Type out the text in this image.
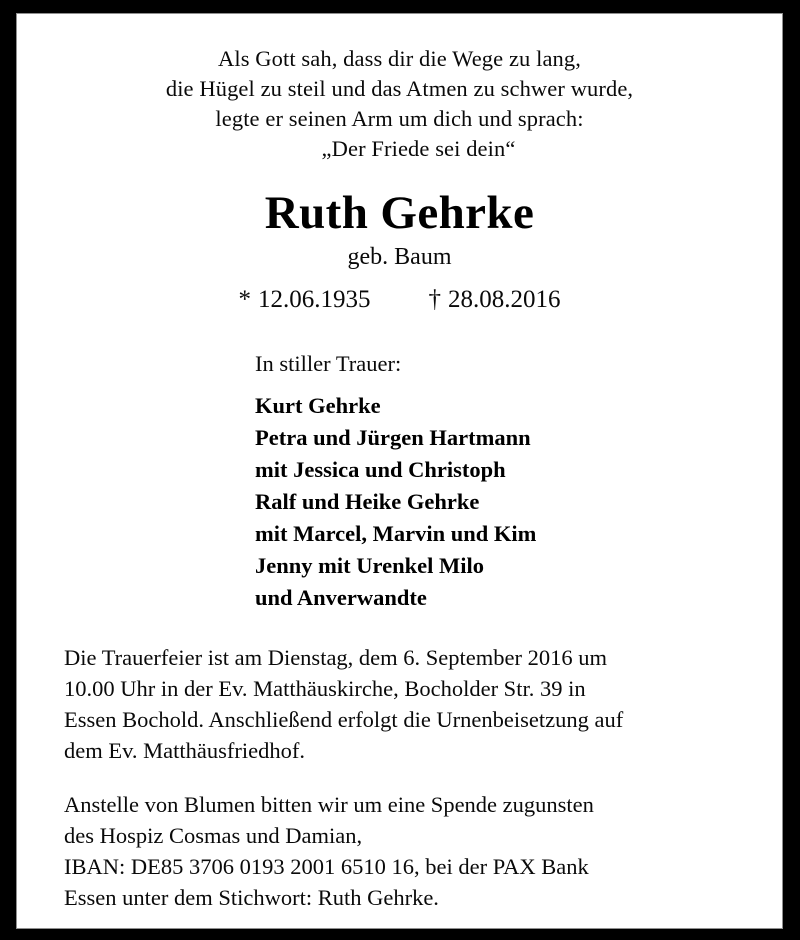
Als Gott sah, dass dir die Wege zu lang,
die Hügel zu steil und das Atmen zu schwer wurde,
legte er seinen Arm um dich und sprach:
„Der Friede sei dein“
Ruth Gehrke
geb. Baum
* 12.06.1935 † 28.08.2016
In stiller Trauer:
Kurt Gehrke
Petra und Jürgen Hartmann
mit Jessica und Christoph
Ralf und Heike Gehrke
mit Marcel, Marvin und Kim
Jenny mit Urenkel Milo
und Anverwandte

Die Trauerfeier ist am Dienstag, dem 6. September 2016 um
10.00 Uhr in der Ev. Matthäuskirche, Bocholder Str. 39 in
Essen Bochold. Anschließend erfolgt die Urnenbeisetzung auf
dem Ev. Matthäusfriedhof.

Anstelle von Blumen bitten wir um eine Spende zugunsten
des Hospiz Cosmas und Damian,
IBAN: DE85 3706 0193 2001 6510 16, bei der PAX Bank
Essen unter dem Stichwort: Ruth Gehrke.
